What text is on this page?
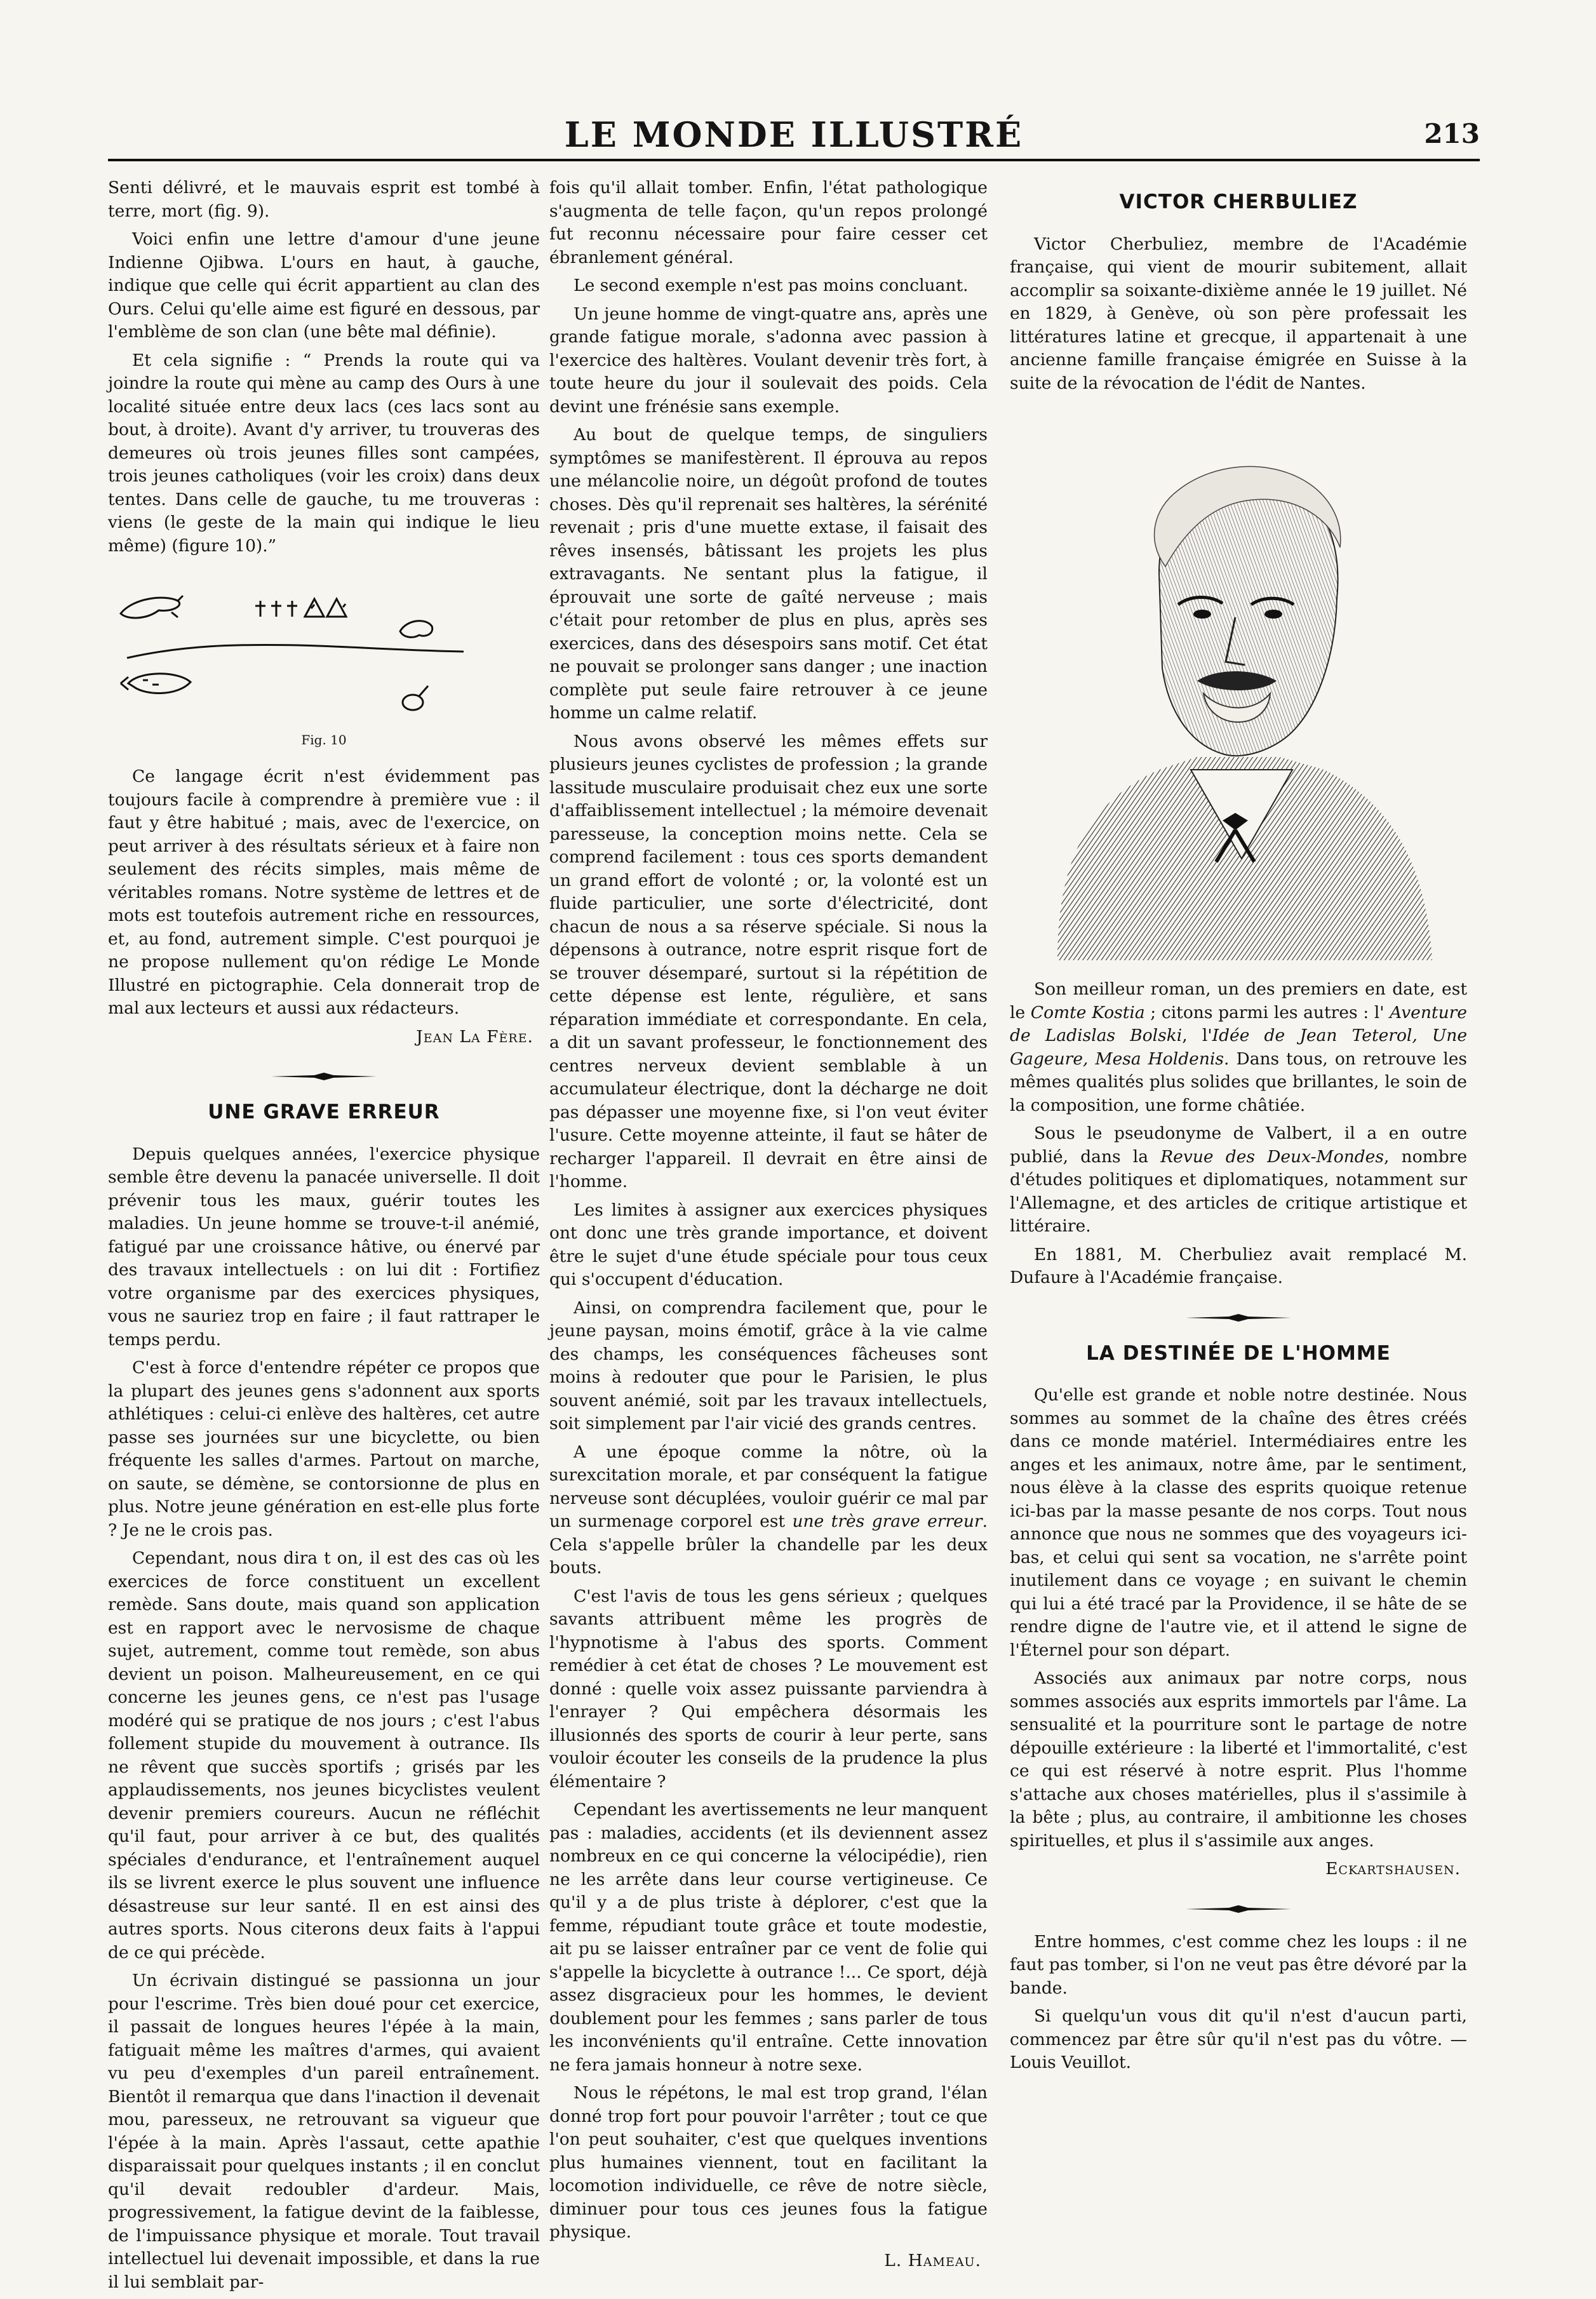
LE MONDE ILLUSTRÉ	213

Senti délivré, et le mauvais esprit est tombé à terre, mort (fig. 9).

Voici enfin une lettre d'amour d'une jeune Indienne Ojibwa. L'ours en haut, à gauche, indique que celle qui écrit appartient au clan des Ours. Celui qu'elle aime est figuré en dessous, par l'emblème de son clan (une bête mal définie).

Et cela signifie : “ Prends la route qui va joindre la route qui mène au camp des Ours à une localité située entre deux lacs (ces lacs sont au bout, à droite). Avant d'y arriver, tu trouveras des demeures où trois jeunes filles sont campées, trois jeunes catholiques (voir les croix) dans deux tentes. Dans celle de gauche, tu me trouveras : viens (le geste de la main qui indique le lieu même) (figure 10).”

Fig. 10

Ce langage écrit n'est évidemment pas toujours facile à comprendre à première vue : il faut y être habitué ; mais, avec de l'exercice, on peut arriver à des résultats sérieux et à faire non seulement des récits simples, mais même de véritables romans. Notre système de lettres et de mots est toutefois autrement riche en ressources, et, au fond, autrement simple. C'est pourquoi je ne propose nullement qu'on rédige Le Monde Illustré en pictographie. Cela donnerait trop de mal aux lecteurs et aussi aux rédacteurs.

Jean La Fère.
UNE GRAVE ERREUR

Depuis quelques années, l'exercice physique semble être devenu la panacée universelle. Il doit prévenir tous les maux, guérir toutes les maladies. Un jeune homme se trouve-t-il anémié, fatigué par une croissance hâtive, ou énervé par des travaux intellectuels : on lui dit : Fortifiez votre organisme par des exercices physiques, vous ne sauriez trop en faire ; il faut rattraper le temps perdu.

C'est à force d'entendre répéter ce propos que la plupart des jeunes gens s'adonnent aux sports athlétiques : celui-ci enlève des haltères, cet autre passe ses journées sur une bicyclette, ou bien fréquente les salles d'armes. Partout on marche, on saute, se démène, se contorsionne de plus en plus. Notre jeune génération en est-elle plus forte ? Je ne le crois pas.

Cependant, nous dira t on, il est des cas où les exercices de force constituent un excellent remède. Sans doute, mais quand son application est en rapport avec le nervosisme de chaque sujet, autrement, comme tout remède, son abus devient un poison. Malheureusement, en ce qui concerne les jeunes gens, ce n'est pas l'usage modéré qui se pratique de nos jours ; c'est l'abus follement stupide du mouvement à outrance. Ils ne rêvent que succès sportifs ; grisés par les applaudissements, nos jeunes bicyclistes veulent devenir premiers coureurs. Aucun ne réfléchit qu'il faut, pour arriver à ce but, des qualités spéciales d'endurance, et l'entraînement auquel ils se livrent exerce le plus souvent une influence désastreuse sur leur santé. Il en est ainsi des autres sports. Nous citerons deux faits à l'appui de ce qui précède.

Un écrivain distingué se passionna un jour pour l'escrime. Très bien doué pour cet exercice, il passait de longues heures l'épée à la main, fatiguait même les maîtres d'armes, qui avaient vu peu d'exemples d'un pareil entraînement. Bientôt il remarqua que dans l'inaction il devenait mou, paresseux, ne retrouvant sa vigueur que l'épée à la main. Après l'assaut, cette apathie disparaissait pour quelques instants ; il en conclut qu'il devait redoubler d'ardeur. Mais, progressivement, la fatigue devint de la faiblesse, de l'impuissance physique et morale. Tout travail intellectuel lui devenait impossible, et dans la rue il lui semblait par-

fois qu'il allait tomber. Enfin, l'état pathologique s'augmenta de telle façon, qu'un repos prolongé fut reconnu nécessaire pour faire cesser cet ébranlement général.

Le second exemple n'est pas moins concluant.

Un jeune homme de vingt-quatre ans, après une grande fatigue morale, s'adonna avec passion à l'exercice des haltères. Voulant devenir très fort, à toute heure du jour il soulevait des poids. Cela devint une frénésie sans exemple.

Au bout de quelque temps, de singuliers symptômes se manifestèrent. Il éprouva au repos une mélancolie noire, un dégoût profond de toutes choses. Dès qu'il reprenait ses haltères, la sérénité revenait ; pris d'une muette extase, il faisait des rêves insensés, bâtissant les projets les plus extravagants. Ne sentant plus la fatigue, il éprouvait une sorte de gaîté nerveuse ; mais c'était pour retomber de plus en plus, après ses exercices, dans des désespoirs sans motif. Cet état ne pouvait se prolonger sans danger ; une inaction complète put seule faire retrouver à ce jeune homme un calme relatif.

Nous avons observé les mêmes effets sur plusieurs jeunes cyclistes de profession ; la grande lassitude musculaire produisait chez eux une sorte d'affaiblissement intellectuel ; la mémoire devenait paresseuse, la conception moins nette. Cela se comprend facilement : tous ces sports demandent un grand effort de volonté ; or, la volonté est un fluide particulier, une sorte d'électricité, dont chacun de nous a sa réserve spéciale. Si nous la dépensons à outrance, notre esprit risque fort de se trouver désemparé, surtout si la répétition de cette dépense est lente, régulière, et sans réparation immédiate et correspondante. En cela, a dit un savant professeur, le fonctionnement des centres nerveux devient semblable à un accumulateur électrique, dont la décharge ne doit pas dépasser une moyenne fixe, si l'on veut éviter l'usure. Cette moyenne atteinte, il faut se hâter de recharger l'appareil. Il devrait en être ainsi de l'homme.

Les limites à assigner aux exercices physiques ont donc une très grande importance, et doivent être le sujet d'une étude spéciale pour tous ceux qui s'occupent d'éducation.

Ainsi, on comprendra facilement que, pour le jeune paysan, moins émotif, grâce à la vie calme des champs, les conséquences fâcheuses sont moins à redouter que pour le Parisien, le plus souvent anémié, soit par les travaux intellectuels, soit simplement par l'air vicié des grands centres.

A une époque comme la nôtre, où la surexcitation morale, et par conséquent la fatigue nerveuse sont décuplées, vouloir guérir ce mal par un surmenage corporel est une très grave erreur. Cela s'appelle brûler la chandelle par les deux bouts.

C'est l'avis de tous les gens sérieux ; quelques savants attribuent même les progrès de l'hypnotisme à l'abus des sports. Comment remédier à cet état de choses ? Le mouvement est donné : quelle voix assez puissante parviendra à l'enrayer ? Qui empêchera désormais les illusionnés des sports de courir à leur perte, sans vouloir écouter les conseils de la prudence la plus élémentaire ?

Cependant les avertissements ne leur manquent pas : maladies, accidents (et ils deviennent assez nombreux en ce qui concerne la vélocipédie), rien ne les arrête dans leur course vertigineuse. Ce qu'il y a de plus triste à déplorer, c'est que la femme, répudiant toute grâce et toute modestie, ait pu se laisser entraîner par ce vent de folie qui s'appelle la bicyclette à outrance !... Ce sport, déjà assez disgracieux pour les hommes, le devient doublement pour les femmes ; sans parler de tous les inconvénients qu'il entraîne. Cette innovation ne fera jamais honneur à notre sexe.

Nous le répétons, le mal est trop grand, l'élan donné trop fort pour pouvoir l'arrêter ; tout ce que l'on peut souhaiter, c'est que quelques inventions plus humaines viennent, tout en facilitant la locomotion individuelle, ce rêve de notre siècle, diminuer pour tous ces jeunes fous la fatigue physique.

L. Hameau.
VICTOR CHERBULIEZ

Victor Cherbuliez, membre de l'Académie française, qui vient de mourir subitement, allait accomplir sa soixante-dixième année le 19 juillet. Né en 1829, à Genève, où son père professait les littératures latine et grecque, il appartenait à une ancienne famille française émigrée en Suisse à la suite de la révocation de l'édit de Nantes.

Son meilleur roman, un des premiers en date, est le Comte Kostia ; citons parmi les autres : l' Aventure de Ladislas Bolski, l'Idée de Jean Teterol, Une Gageure, Mesa Holdenis. Dans tous, on retrouve les mêmes qualités plus solides que brillantes, le soin de la composition, une forme châtiée.

Sous le pseudonyme de Valbert, il a en outre publié, dans la Revue des Deux-Mondes, nombre d'études politiques et diplomatiques, notamment sur l'Allemagne, et des articles de critique artistique et littéraire.

En 1881, M. Cherbuliez avait remplacé M. Dufaure à l'Académie française.

LA DESTINÉE DE L'HOMME

Qu'elle est grande et noble notre destinée. Nous sommes au sommet de la chaîne des êtres créés dans ce monde matériel. Intermédiaires entre les anges et les animaux, notre âme, par le sentiment, nous élève à la classe des esprits quoique retenue ici-bas par la masse pesante de nos corps. Tout nous annonce que nous ne sommes que des voyageurs ici-bas, et celui qui sent sa vocation, ne s'arrête point inutilement dans ce voyage ; en suivant le chemin qui lui a été tracé par la Providence, il se hâte de se rendre digne de l'autre vie, et il attend le signe de l'Éternel pour son départ.

Associés aux animaux par notre corps, nous sommes associés aux esprits immortels par l'âme. La sensualité et la pourriture sont le partage de notre dépouille extérieure : la liberté et l'immortalité, c'est ce qui est réservé à notre esprit. Plus l'homme s'attache aux choses matérielles, plus il s'assimile à la bête ; plus, au contraire, il ambitionne les choses spirituelles, et plus il s'assimile aux anges.

Eckartshausen.

Entre hommes, c'est comme chez les loups : il ne faut pas tomber, si l'on ne veut pas être dévoré par la bande.

Si quelqu'un vous dit qu'il n'est d'aucun parti, commencez par être sûr qu'il n'est pas du vôtre. — Louis Veuillot.
